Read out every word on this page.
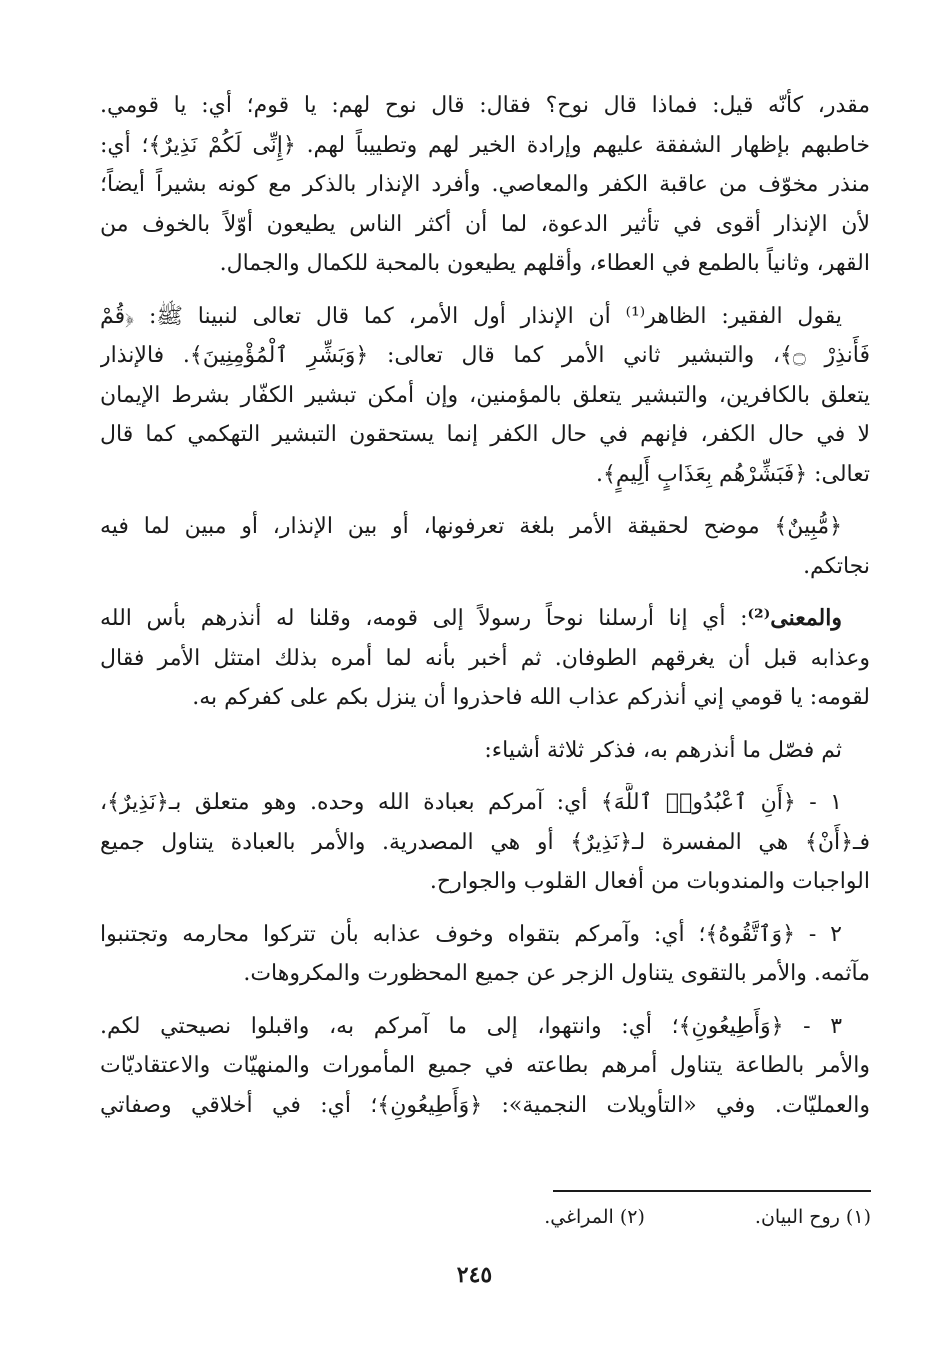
مقدر، كأنّه قيل: فماذا قال نوح؟ فقال: قال نوح لهم: يا قوم؛ أي: يا قومي.
خاطبهم بإظهار الشفقة عليهم وإرادة الخير لهم وتطييباً لهم. ﴿إِنِّى لَكُمْ نَذِيرٌ﴾؛ أي:
منذر مخوّف من عاقبة الكفر والمعاصي. وأفرد الإنذار بالذكر مع كونه بشيراً أيضاً؛
لأن الإنذار أقوى في تأثير الدعوة، لما أن أكثر الناس يطيعون أوّلاً بالخوف من
القهر، وثانياً بالطمع في العطاء، وأقلهم يطيعون بالمحبة للكمال والجمال.
يقول الفقير: الظاهر⁽¹⁾ أن الإنذار أول الأمر، كما قال تعالى لنبينا ﷺ: ﴿قُمْ
فَأَنذِرْ ۝﴾، والتبشير ثاني الأمر كما قال تعالى: ﴿وَبَشِّرِ ٱلْمُؤْمِنِينَ﴾. فالإنذار
يتعلق بالكافرين، والتبشير يتعلق بالمؤمنين، وإن أمكن تبشير الكفّار بشرط الإيمان
لا في حال الكفر، فإنهم في حال الكفر إنما يستحقون التبشير التهكمي كما قال
تعالى: ﴿فَبَشِّرْهُم بِعَذَابٍ أَلِيمٍ﴾.
﴿مُّبِينٌ﴾ موضح لحقيقة الأمر بلغة تعرفونها، أو بين الإنذار، أو مبين لما فيه
نجاتكم.
والمعنى⁽²⁾: أي إنا أرسلنا نوحاً رسولاً إلى قومه، وقلنا له أنذرهم بأس الله
وعذابه قبل أن يغرقهم الطوفان. ثم أخبر بأنه لما أمره بذلك امتثل الأمر فقال
لقومه: يا قومي إني أنذركم عذاب الله فاحذروا أن ينزل بكم على كفركم به.
ثم فصّل ما أنذرهم به، فذكر ثلاثة أشياء:
١ - ﴿أَنِ ٱعْبُدُوا۟ ٱللَّهَ﴾ أي: آمركم بعبادة الله وحده. وهو متعلق بـ﴿نَذِيرٌ﴾،
فـ﴿أَنْ﴾ هي المفسرة لـ﴿نَذِيرٌ﴾ أو هي المصدرية. والأمر بالعبادة يتناول جميع
الواجبات والمندوبات من أفعال القلوب والجوارح.
٢ - ﴿وَٱتَّقُوهُ﴾؛ أي: وآمركم بتقواه وخوف عذابه بأن تتركوا محارمه وتجتنبوا
مآثمه. والأمر بالتقوى يتناول الزجر عن جميع المحظورت والمكروهات.
٣ - ﴿وَأَطِيعُونِ﴾؛ أي: وانتهوا، إلى ما آمركم به، واقبلوا نصيحتي لكم.
والأمر بالطاعة يتناول أمرهم بطاعته في جميع المأمورات والمنهيّات والاعتقاديّات
والعمليّات. وفي «التأويلات النجمية»: ﴿وَأَطِيعُونِ﴾؛ أي: في أخلاقي وصفاتي
(١) روح البيان.
(٢) المراغي.
٢٤٥
